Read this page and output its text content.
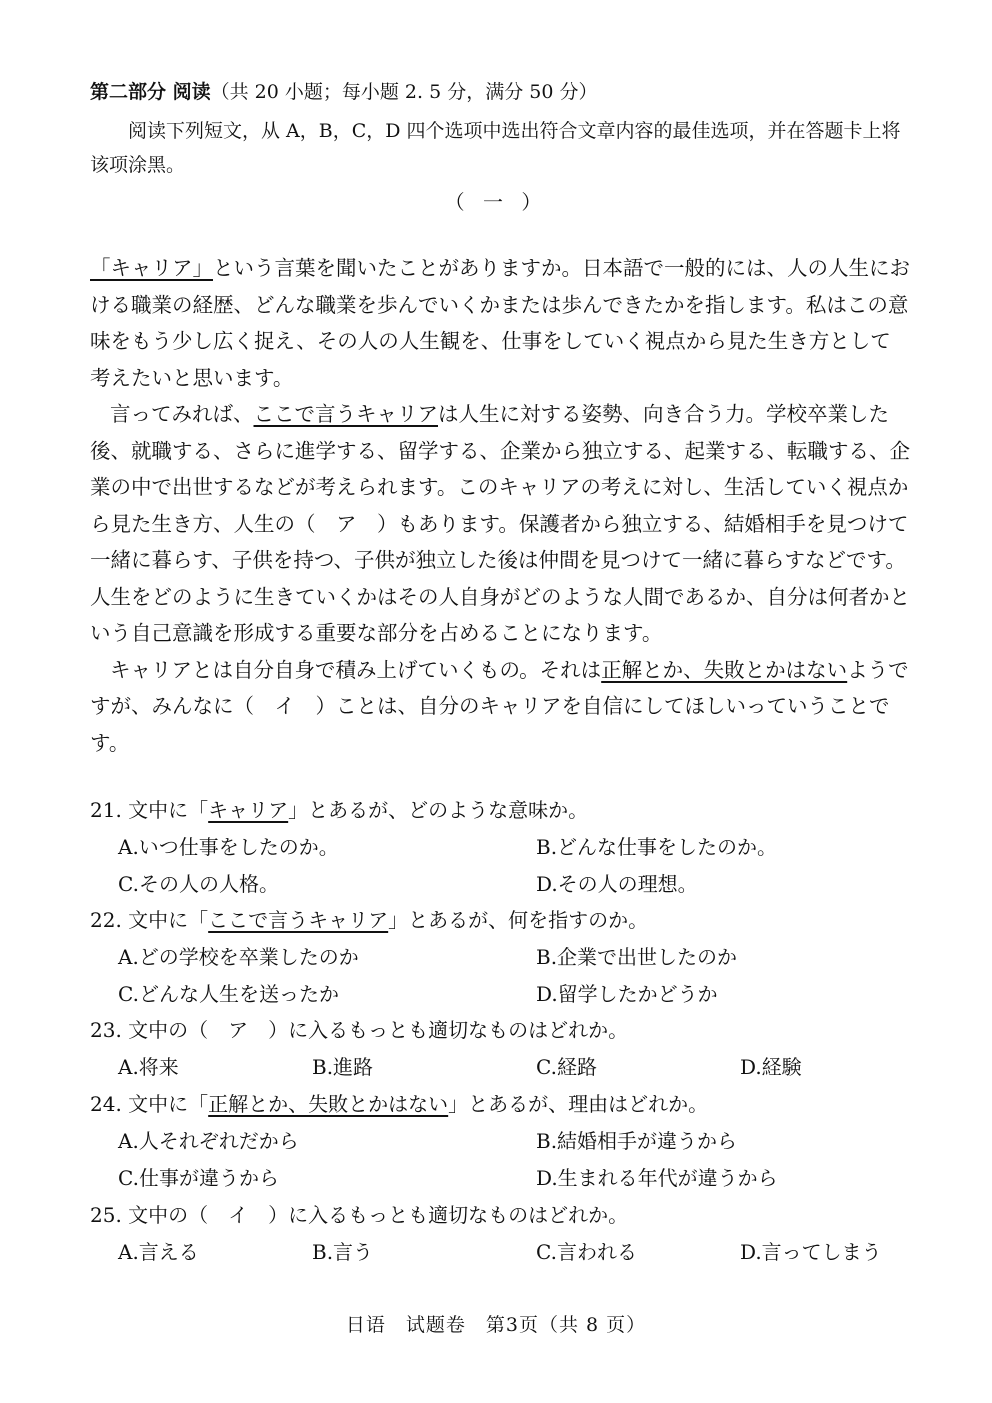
第二部分 阅读（共 20 小题；每小题 2. 5 分，满分 50 分）
阅读下列短文，从 A，B，C，D 四个选项中选出符合文章内容的最佳选项，并在答题卡上将该项涂黑。
（ 一 ）

「キャリア」という言葉を聞いたことがありますか。日本語で一般的には、人の人生における職業の経歴、どんな職業を歩んでいくかまたは歩んできたかを指します。私はこの意味をもう少し広く捉え、その人の人生観を、仕事をしていく視点から見た生き方として考えたいと思います。

言ってみれば、ここで言うキャリアは人生に対する姿勢、向き合う力。学校卒業した後、就職する、さらに進学する、留学する、企業から独立する、起業する、転職する、企業の中で出世するなどが考えられます。このキャリアの考えに対し、生活していく視点から見た生き方、人生の（　ア　）もあります。保護者から独立する、結婚相手を見つけて一緒に暮らす、子供を持つ、子供が独立した後は仲間を見つけて一緒に暮らすなどです。人生をどのように生きていくかはその人自身がどのような人間であるか、自分は何者かという自己意識を形成する重要な部分を占めることになります。

キャリアとは自分自身で積み上げていくもの。それは正解とか、失敗とかはないようですが、みんなに（　イ　）ことは、自分のキャリアを自信にしてほしいっていうことです。

21. 文中に「キャリア」とあるが、どのような意味か。
A.いつ仕事をしたのか。	B.どんな仕事をしたのか。
C.その人の人格。	D.その人の理想。
22. 文中に「ここで言うキャリア」とあるが、何を指すのか。
A.どの学校を卒業したのか	B.企業で出世したのか
C.どんな人生を送ったか	D.留学したかどうか
23. 文中の（　ア　）に入るもっとも適切なものはどれか。
A.将来	B.進路	C.経路	D.経験
24. 文中に「正解とか、失敗とかはない」とあるが、理由はどれか。
A.人それぞれだから	B.結婚相手が違うから
C.仕事が違うから	D.生まれる年代が違うから
25. 文中の（　イ　）に入るもっとも適切なものはどれか。
A.言える	B.言う	C.言われる	D.言ってしまう
日语　试题卷　第3页（共 8 页）
